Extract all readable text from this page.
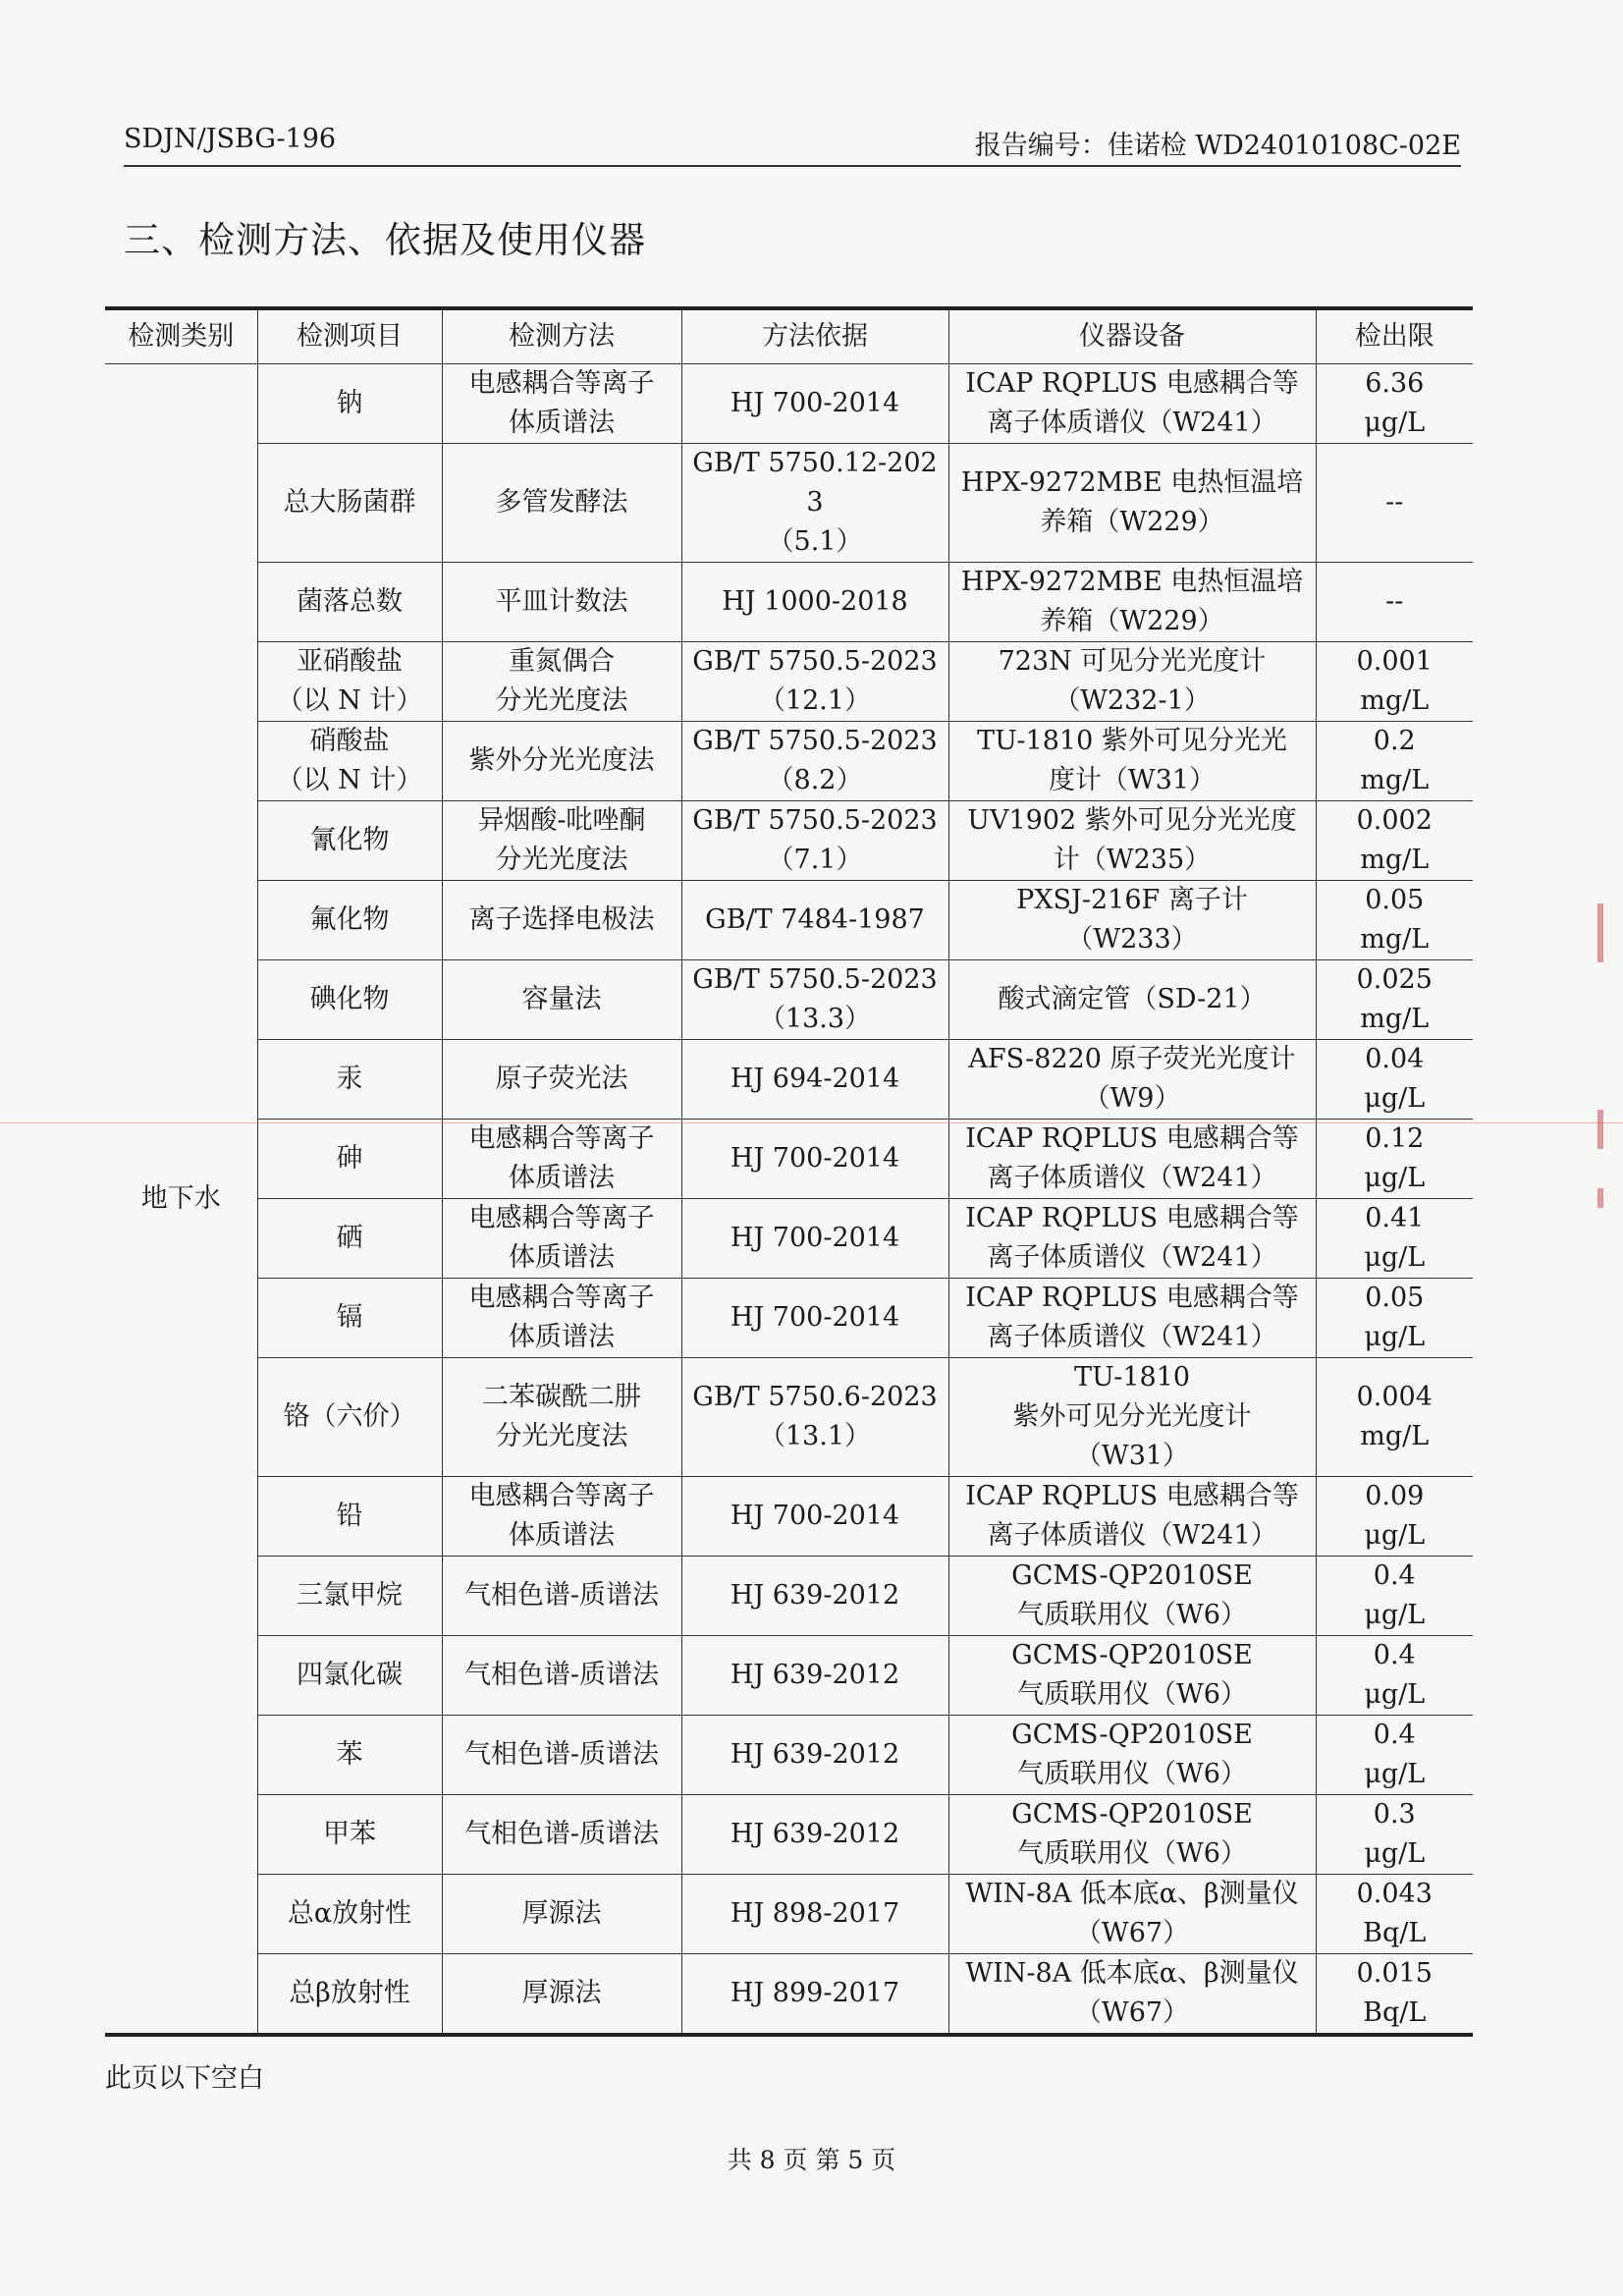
SDJN/JSBG-196	报告编号：佳诺检 WD24010108C-02E
三、检测方法、依据及使用仪器
检测类别	检测项目	检测方法	方法依据	仪器设备	检出限
地下水	钠	电感耦合等离子
体质谱法	HJ 700-2014	ICAP RQPLUS 电感耦合等
离子体质谱仪（W241）	6.36
μg/L

	总大肠菌群	多管发酵法	GB/T 5750.12-2023
（5.1）	HPX-9272MBE 电热恒温培
养箱（W229）	--

	菌落总数	平皿计数法	HJ 1000-2018	HPX-9272MBE 电热恒温培
养箱（W229）	--

	亚硝酸盐
（以 N 计）	重氮偶合
分光光度法	GB/T 5750.5-2023
（12.1）	723N 可见分光光度计
（W232-1）	0.001
mg/L

	硝酸盐
（以 N 计）	紫外分光光度法	GB/T 5750.5-2023
（8.2）	TU-1810 紫外可见分光光
度计（W31）	0.2
mg/L

	氰化物	异烟酸-吡唑酮
分光光度法	GB/T 5750.5-2023
（7.1）	UV1902 紫外可见分光光度
计（W235）	0.002
mg/L

	氟化物	离子选择电极法	GB/T 7484-1987	PXSJ-216F 离子计
（W233）	0.05
mg/L

	碘化物	容量法	GB/T 5750.5-2023
（13.3）	酸式滴定管（SD-21）	0.025
mg/L

	汞	原子荧光法	HJ 694-2014	AFS-8220 原子荧光光度计
（W9）	0.04
μg/L

	砷	电感耦合等离子
体质谱法	HJ 700-2014	ICAP RQPLUS 电感耦合等
离子体质谱仪（W241）	0.12
μg/L

	硒	电感耦合等离子
体质谱法	HJ 700-2014	ICAP RQPLUS 电感耦合等
离子体质谱仪（W241）	0.41
μg/L

	镉	电感耦合等离子
体质谱法	HJ 700-2014	ICAP RQPLUS 电感耦合等
离子体质谱仪（W241）	0.05
μg/L

	铬（六价）	二苯碳酰二肼
分光光度法	GB/T 5750.6-2023
（13.1）	TU-1810
紫外可见分光光度计
（W31）	0.004
mg/L

	铅	电感耦合等离子
体质谱法	HJ 700-2014	ICAP RQPLUS 电感耦合等
离子体质谱仪（W241）	0.09
μg/L

	三氯甲烷	气相色谱-质谱法	HJ 639-2012	GCMS-QP2010SE
气质联用仪（W6）	0.4
μg/L

	四氯化碳	气相色谱-质谱法	HJ 639-2012	GCMS-QP2010SE
气质联用仪（W6）	0.4
μg/L

	苯	气相色谱-质谱法	HJ 639-2012	GCMS-QP2010SE
气质联用仪（W6）	0.4
μg/L

	甲苯	气相色谱-质谱法	HJ 639-2012	GCMS-QP2010SE
气质联用仪（W6）	0.3
μg/L

	总α放射性	厚源法	HJ 898-2017	WIN-8A 低本底α、β测量仪
（W67）	0.043
Bq/L

	总β放射性	厚源法	HJ 899-2017	WIN-8A 低本底α、β测量仪
（W67）	0.015
Bq/L
此页以下空白
共 8 页 第 5 页
